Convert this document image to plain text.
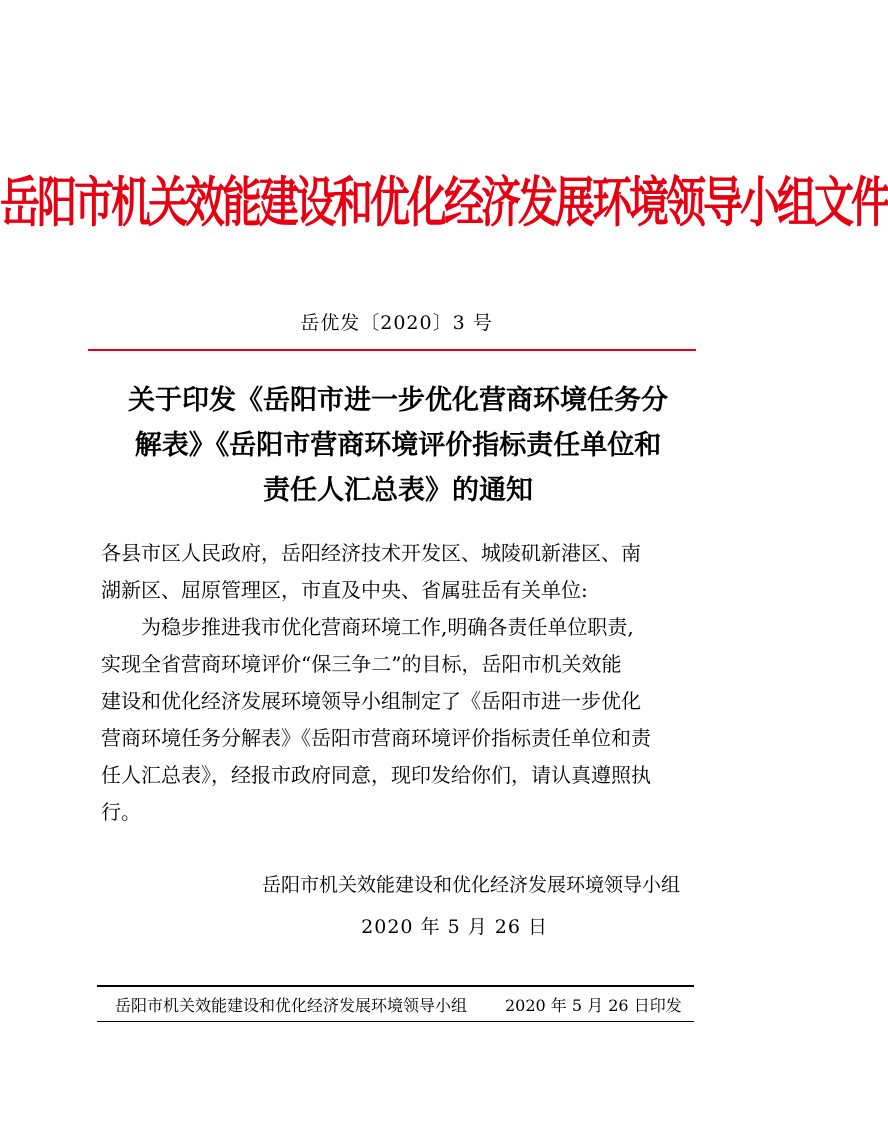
岳阳市机关效能建设和优化经济发展环境领导小组文件
岳优发〔2020〕3 号
关于印发《岳阳市进一步优化营商环境任务分
解表》《岳阳市营商环境评价指标责任单位和
责任人汇总表》的通知
各县市区人民政府，岳阳经济技术开发区、城陵矶新港区、南
湖新区、屈原管理区，市直及中央、省属驻岳有关单位:
　　为稳步推进我市优化营商环境工作,明确各责任单位职责,
实现全省营商环境评价“保三争二”的目标，岳阳市机关效能
建设和优化经济发展环境领导小组制定了《岳阳市进一步优化
营商环境任务分解表》《岳阳市营商环境评价指标责任单位和责
任人汇总表》，经报市政府同意，现印发给你们，请认真遵照执
行。
岳阳市机关效能建设和优化经济发展环境领导小组
2020 年 5 月 26 日
岳阳市机关效能建设和优化经济发展环境领导小组 2020 年 5 月 26 日印发
